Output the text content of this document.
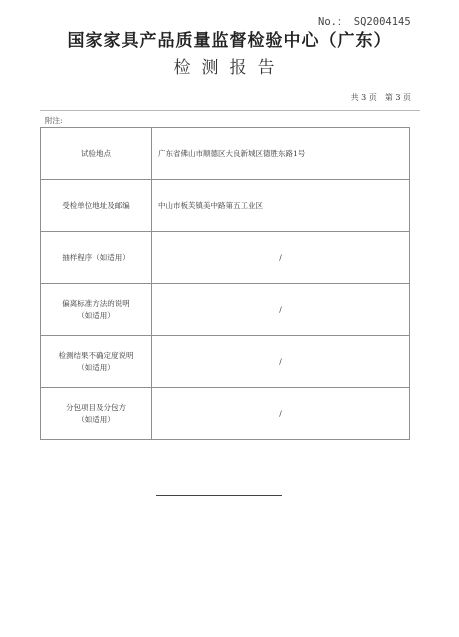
No.： SQ2004145
国家家具产品质量监督检验中心（广东）
检测报告
共 3 页　第 3 页
附注:
试验地点	广东省佛山市顺德区大良新城区德胜东路1号
受检单位地址及邮编	中山市板芙镇美中路第五工业区
抽样程序（如适用）	/
偏离标准方法的说明
（如适用）	/
检测结果不确定度说明
（如适用）	/
分包项目及分包方
（如适用）	/
